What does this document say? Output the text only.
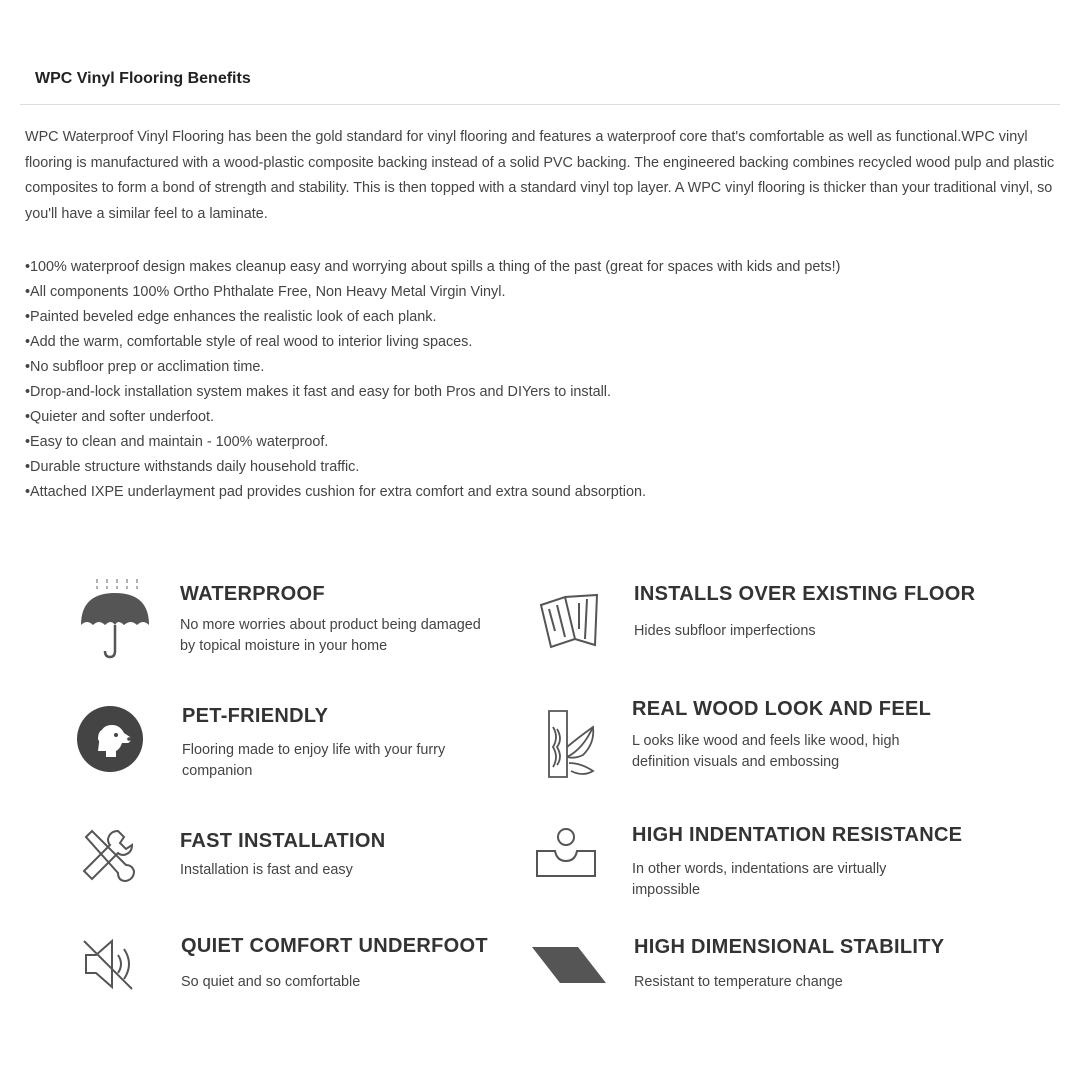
WPC Vinyl Flooring Benefits

WPC Waterproof Vinyl Flooring has been the gold standard for vinyl flooring and features a waterproof core that's comfortable as well as functional.WPC vinyl flooring is manufactured with a wood-plastic composite backing instead of a solid PVC backing. The engineered backing combines recycled wood pulp and plastic composites to form a bond of strength and stability. This is then topped with a standard vinyl top layer. A WPC vinyl flooring is thicker than your traditional vinyl, so you'll have a similar feel to a laminate.

• 100% waterproof design makes cleanup easy and worrying about spills a thing of the past (great for spaces with kids and pets!)
• All components 100% Ortho Phthalate Free, Non Heavy Metal Virgin Vinyl.
• Painted beveled edge enhances the realistic look of each plank.
• Add the warm, comfortable style of real wood to interior living spaces.
• No subfloor prep or acclimation time.
• Drop-and-lock installation system makes it fast and easy for both Pros and DIYers to install.
• Quieter and softer underfoot.
• Easy to clean and maintain - 100% waterproof.
• Durable structure withstands daily household traffic.
• Attached IXPE underlayment pad provides cushion for extra comfort and extra sound absorption.
WATERPROOF
No more worries about product being damaged by topical moisture in your home
INSTALLS OVER EXISTING FLOOR
Hides subfloor imperfections
PET-FRIENDLY
Flooring made to enjoy life with your furry companion
REAL WOOD LOOK AND FEEL
L ooks like wood and feels like wood, high definition visuals and embossing
FAST INSTALLATION
Installation is fast and easy
HIGH INDENTATION RESISTANCE
In other words, indentations are virtually impossible
QUIET COMFORT UNDERFOOT
So quiet and so comfortable
HIGH DIMENSIONAL STABILITY
Resistant to temperature change
